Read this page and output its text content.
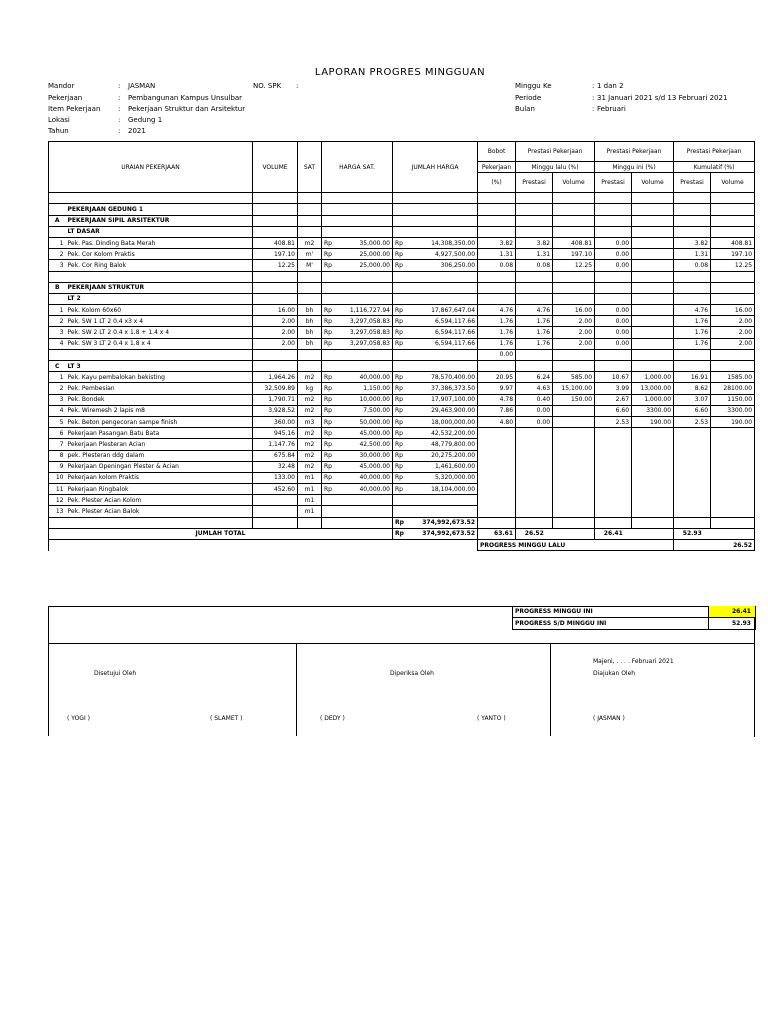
LAPORAN PROGRES MINGGUAN
Mandor	: JASMAN	NO. SPK :
Pekerjaan	: Pembangunan Kampus Unsulbar
Item Pekerjaan	: Pekerjaan Struktur dan Arsitektur
Lokasi	: Gedung 1
Tahun	: 2021
Minggu Ke	: 1 dan 2
Periode	: 31 Januari 2021 s/d 13 Februari 2021
Bulan	: Februari
URAIAN PEKERJAAN		VOLUME	SAT	HARGA SAT.		JUMLAH HARGA		Bobot	Prestasi Pekerjaan		Prestasi Pekerjaan		Prestasi Pekerjaan	
								Pekerjaan	Minggu lalu (%)		Minggu ini (%)		Kumulatif (%)	
								(%)	Prestasi	Volume	Prestasi	Volume	Prestasi	Volume

	PEKERJAAN GEDUNG 1													
A	PEKERJAAN SIPIL ARSITEKTUR													
	LT DASAR													
1	Pek. Pas. Dinding Bata Merah	408.81	m2	Rp	35,000.00	Rp	14,308,350.00	3.82	3.82	408.81	0.00		3.82	408.81
2	Pek. Cor Kolom Praktis	197.10	m'	Rp	25,000.00	Rp	4,927,500.00	1.31	1.31	197.10	0.00		1.31	197.10
3	Pek. Cor Ring Balok	12.25	M'	Rp	25,000.00	Rp	306,250.00	0.08	0.08	12.25	0.00		0.08	12.25

B	PEKERJAAN STRUKTUR													
	LT 2													
1	Pek. Kolom 60x60	16.00	bh	Rp	1,116,727.94	Rp	17,867,647.04	4.76	4.76	16.00	0.00		4.76	16.00
2	Pek. SW 1 LT 2 0.4 x3 x 4	2.00	bh	Rp	3,297,058.83	Rp	6,594,117.66	1.76	1.76	2.00	0.00		1.76	2.00
3	Pek. SW 2 LT 2 0.4 x 1.8 + 1.4 x 4	2.00	bh	Rp	3,297,058.83	Rp	6,594,117.66	1.76	1.76	2.00	0.00		1.76	2.00
4	Pek. SW 3 LT 2 0.4 x 1.8 x 4	2.00	bh	Rp	3,297,058.83	Rp	6,594,117.66	1.76	1.76	2.00	0.00		1.76	2.00
								0.00						
C	LT 3													
1	Pek. Kayu pembalokan bekisting	1,964.26	m2	Rp	40,000.00	Rp	78,570,400.00	20.95	6.24	585.00	10.67	1,000.00	16.91	1585.00
2	Pek. Pembesian	32,509.89	kg	Rp	1,150.00	Rp	37,386,373.50	9.97	4.63	15,100.00	3.99	13,000.00	8.62	28100.00
3	Pek. Bondek	1,790.71	m2	Rp	10,000.00	Rp	17,907,100.00	4.78	0.40	150.00	2.67	1,000.00	3.07	1150.00
4	Pek. Wiremesh 2 lapis m8	3,928.52	m2	Rp	7,500.00	Rp	29,463,900.00	7.86	0.00		6.60	3300.00	6.60	3300.00
5	Pek. Beton pengecoran sampe finish	360.00	m3	Rp	50,000.00	Rp	18,000,000.00	4.80	0.00		2.53	190.00	2.53	190.00
6	Pekerjaan Pasangan Batu Bata	945.16	m2	Rp	45,000.00	Rp	42,532,200.00							
7	Pekerjaan Plesteran Acian	1,147.76	m2	Rp	42,500.00	Rp	48,779,800.00							
8	pek. Plesteran ddg dalam	675.84	m2	Rp	30,000.00	Rp	20,275,200.00							
9	Pekerjaan Openingan Plester & Acian	32.48	m2	Rp	45,000.00	Rp	1,461,600.00							
10	Pekerjaan kolom Praktis	133.00	m1	Rp	40,000.00	Rp	5,320,000.00							
11	Pekerjaan Ringbalok	452.60	m1	Rp	40,000.00	Rp	18,104,000.00							
12	Pek. Plester Acian Kolom		m1											
13	Pek. Plester Acian Balok		m1											
						Rp	374,992,673.52							
JUMLAH TOTAL						Rp	374,992,673.52	63.61	26.52		26.41		52.93	
								PROGRESS MINGGU LALU						26.52
PROGRESS MINGGU INI	26.41
PROGRESS S/D MINGGU INI	52.93
Disetujui Oleh	Diperiksa Oleh
Majeni, . . . . Februari 2021
Diajukan Oleh
( YOGI )	( SLAMET )	( DEDY )	( YANTO )	( JASMAN )
